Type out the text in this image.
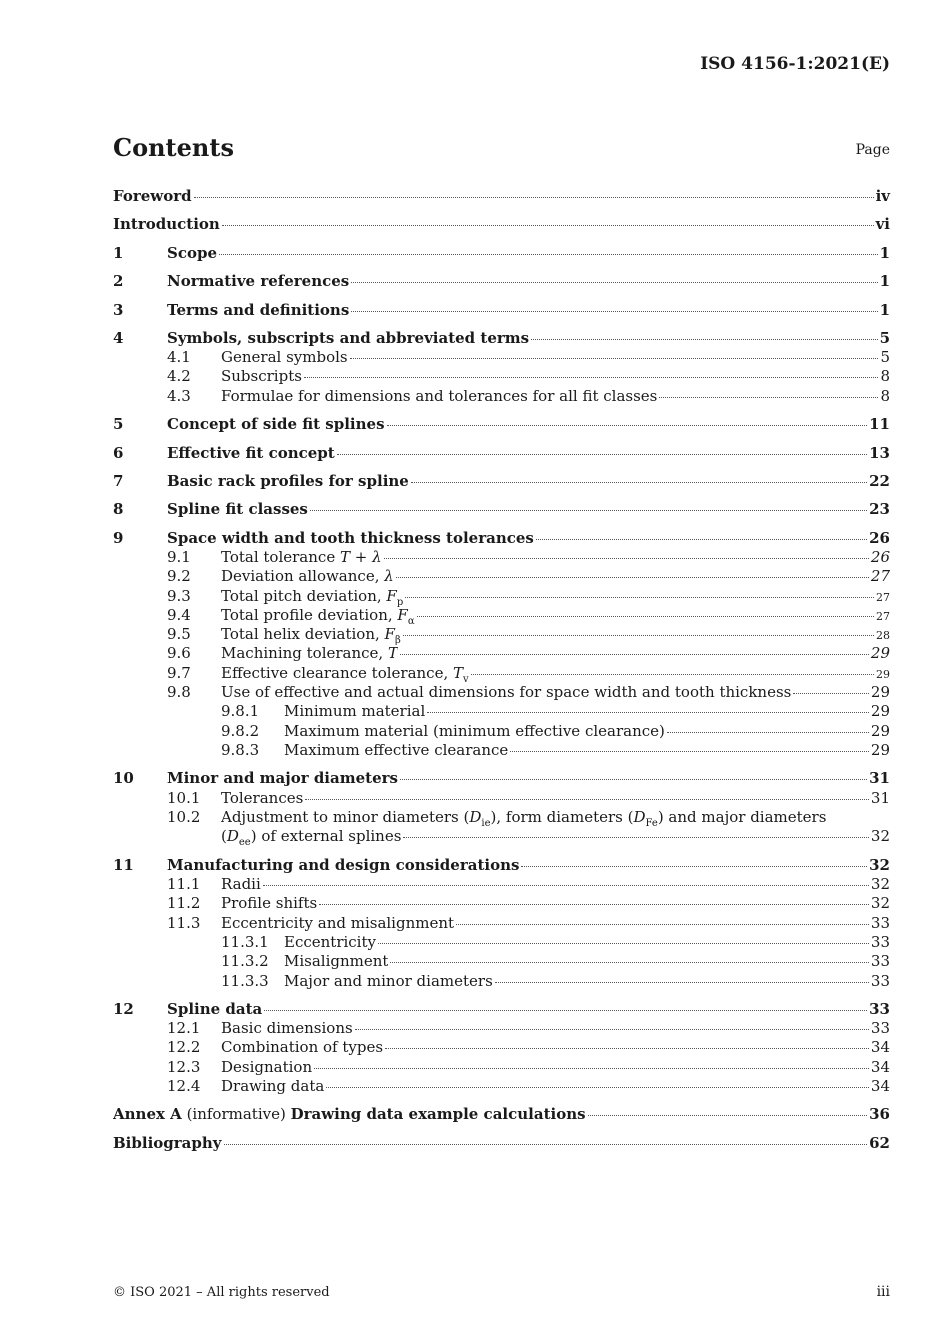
ISO 4156-1:2021(E)
Contents	Page
Foreword	iv
Introduction	vi
1	Scope	1
2	Normative references	1
3	Terms and definitions	1
4	Symbols, subscripts and abbreviated terms	5
4.1	General symbols	5
4.2	Subscripts	8
4.3	Formulae for dimensions and tolerances for all fit classes	8
5	Concept of side fit splines	11
6	Effective fit concept	13
7	Basic rack profiles for spline	22
8	Spline fit classes	23
9	Space width and tooth thickness tolerances	26
9.1	Total tolerance T + λ	26
9.2	Deviation allowance, λ	27
9.3	Total pitch deviation, $F_p$	27
9.4	Total profile deviation, $F_\alpha$	27
9.5	Total helix deviation, $F_\beta$	28
9.6	Machining tolerance, T	29
9.7	Effective clearance tolerance, $T_v$	29
9.8	Use of effective and actual dimensions for space width and tooth thickness	29
9.8.1	Minimum material	29
9.8.2	Maximum material (minimum effective clearance)	29
9.8.3	Maximum effective clearance	29
10	Minor and major diameters	31
10.1	Tolerances	31
10.2	Adjustment to minor diameters $(D_{ie})$, form diameters $(D_{Fe})$ and major diameters
$(D_{ee})$ of external splines	32
11	Manufacturing and design considerations	32
11.1	Radii	32
11.2	Profile shifts	32
11.3	Eccentricity and misalignment	33
11.3.1	Eccentricity	33
11.3.2	Misalignment	33
11.3.3	Major and minor diameters	33
12	Spline data	33
12.1	Basic dimensions	33
12.2	Combination of types	34
12.3	Designation	34
12.4	Drawing data	34
Annex A (informative) Drawing data example calculations	36
Bibliography	62
© ISO 2021 – All rights reserved	iii
